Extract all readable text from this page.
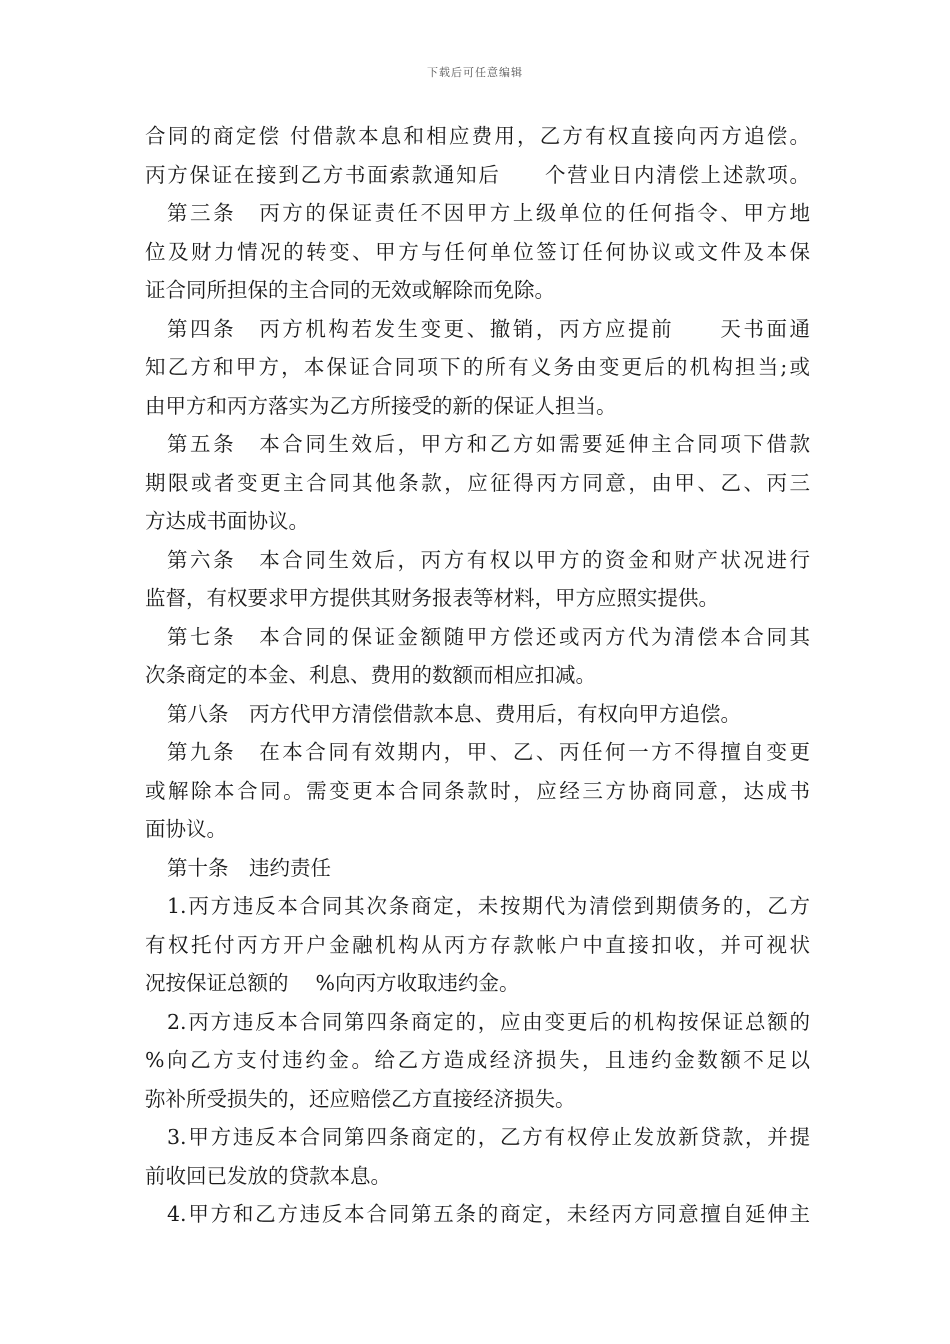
下载后可任意编辑
合同的商定偿 付借款本息和相应费用，乙方有权直接向丙方追偿。
丙方保证在接到乙方书面索款通知后　　个营业日内清偿上述款项。
第三条　丙方的保证责任不因甲方上级单位的任何指令、甲方地
位及财力情况的转变、甲方与任何单位签订任何协议或文件及本保
证合同所担保的主合同的无效或解除而免除。
第四条　丙方机构若发生变更、撤销，丙方应提前　　天书面通
知乙方和甲方，本保证合同项下的所有义务由变更后的机构担当;或
由甲方和丙方落实为乙方所接受的新的保证人担当。
第五条　本合同生效后，甲方和乙方如需要延伸主合同项下借款
期限或者变更主合同其他条款，应征得丙方同意，由甲、乙、丙三
方达成书面协议。
第六条　本合同生效后，丙方有权以甲方的资金和财产状况进行
监督，有权要求甲方提供其财务报表等材料，甲方应照实提供。
第七条　本合同的保证金额随甲方偿还或丙方代为清偿本合同其
次条商定的本金、利息、费用的数额而相应扣减。
第八条　丙方代甲方清偿借款本息、费用后，有权向甲方追偿。
第九条　在本合同有效期内，甲、乙、丙任何一方不得擅自变更
或解除本合同。需变更本合同条款时，应经三方协商同意，达成书
面协议。
第十条　违约责任
1.丙方违反本合同其次条商定，未按期代为清偿到期债务的，乙方
有权托付丙方开户金融机构从丙方存款帐户中直接扣收，并可视状
况按保证总额的　 %向丙方收取违约金。
2.丙方违反本合同第四条商定的，应由变更后的机构按保证总额的
%向乙方支付违约金。给乙方造成经济损失，且违约金数额不足以
弥补所受损失的，还应赔偿乙方直接经济损失。
3.甲方违反本合同第四条商定的，乙方有权停止发放新贷款，并提
前收回已发放的贷款本息。
4.甲方和乙方违反本合同第五条的商定，未经丙方同意擅自延伸主
